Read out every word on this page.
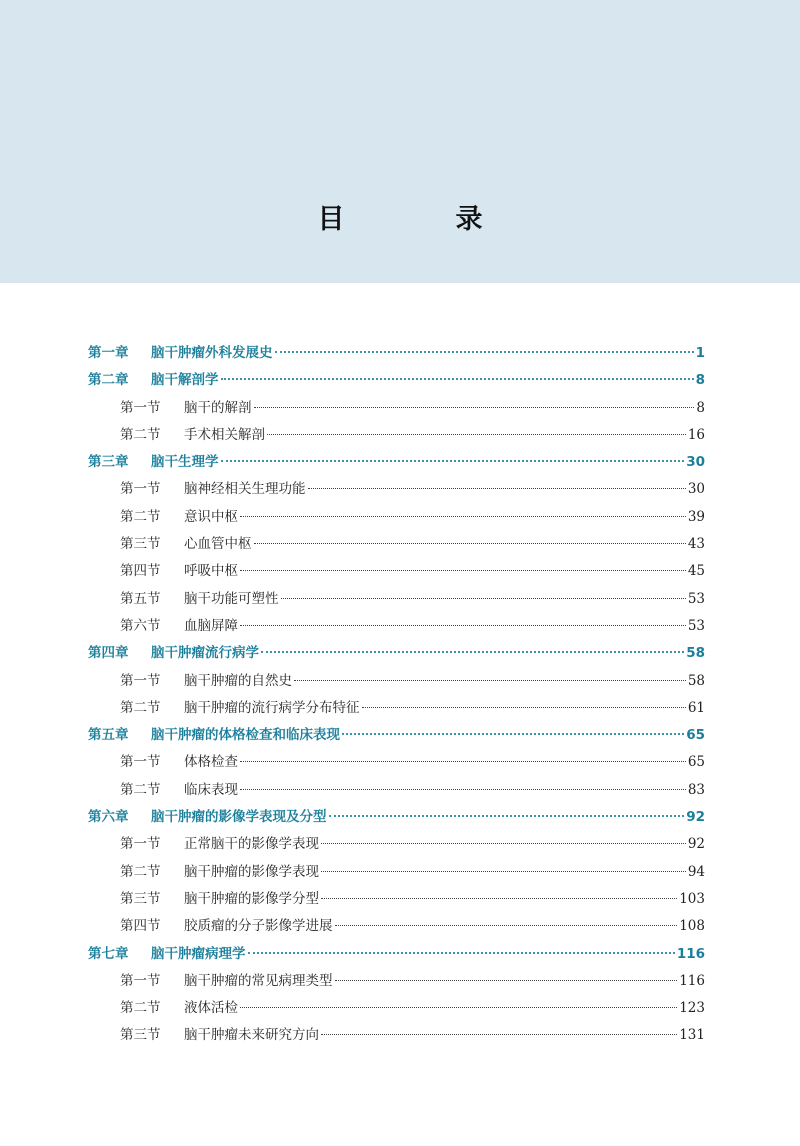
目　录
第一章	脑干肿瘤外科发展史	1
第二章	脑干解剖学	8
第一节	脑干的解剖	8
第二节	手术相关解剖	16
第三章	脑干生理学	30
第一节	脑神经相关生理功能	30
第二节	意识中枢	39
第三节	心血管中枢	43
第四节	呼吸中枢	45
第五节	脑干功能可塑性	53
第六节	血脑屏障	53
第四章	脑干肿瘤流行病学	58
第一节	脑干肿瘤的自然史	58
第二节	脑干肿瘤的流行病学分布特征	61
第五章	脑干肿瘤的体格检查和临床表现	65
第一节	体格检查	65
第二节	临床表现	83
第六章	脑干肿瘤的影像学表现及分型	92
第一节	正常脑干的影像学表现	92
第二节	脑干肿瘤的影像学表现	94
第三节	脑干肿瘤的影像学分型	103
第四节	胶质瘤的分子影像学进展	108
第七章	脑干肿瘤病理学	116
第一节	脑干肿瘤的常见病理类型	116
第二节	液体活检	123
第三节	脑干肿瘤未来研究方向	131
